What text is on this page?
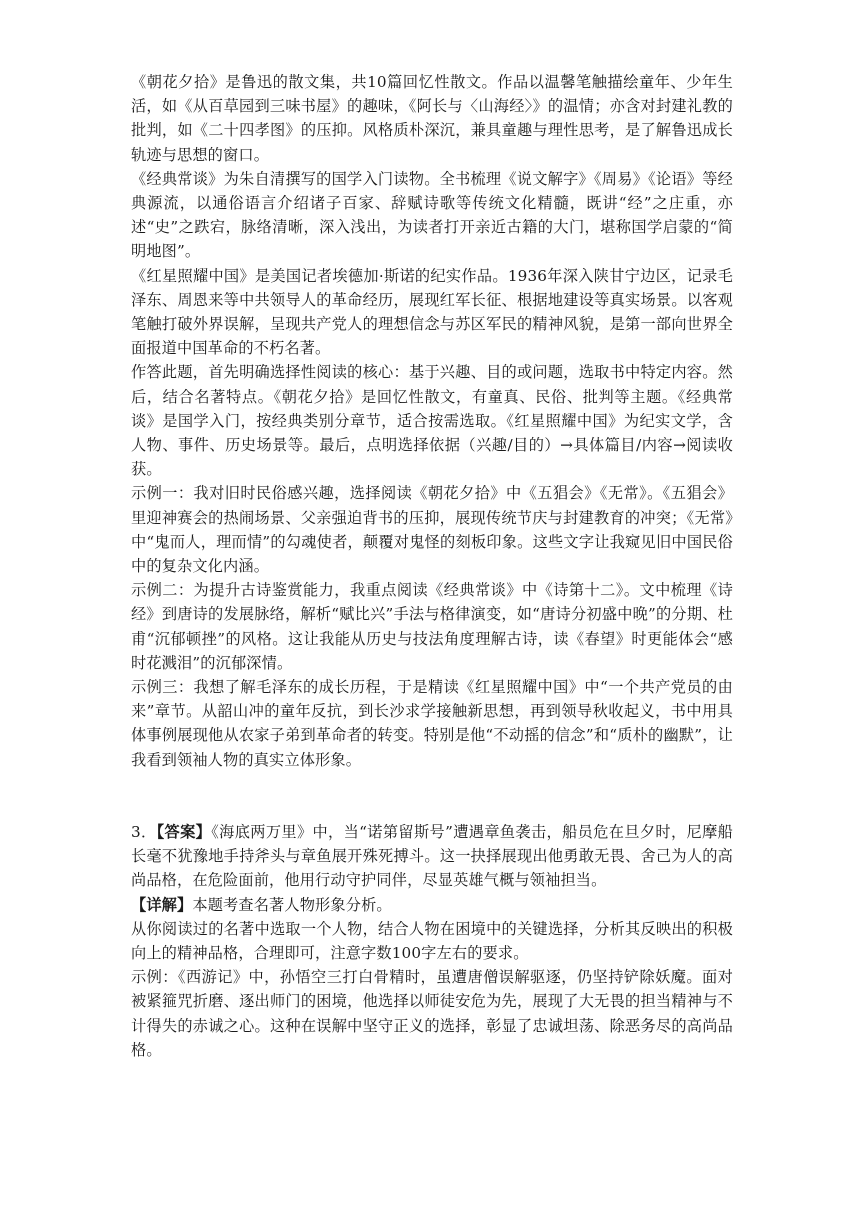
《朝花夕拾》是鲁迅的散文集，共10篇回忆性散文。作品以温馨笔触描绘童年、少年生活，如《从百草园到三味书屋》的趣味，《阿长与〈山海经〉》的温情；亦含对封建礼教的批判，如《二十四孝图》的压抑。风格质朴深沉，兼具童趣与理性思考，是了解鲁迅成长轨迹与思想的窗口。

《经典常谈》为朱自清撰写的国学入门读物。全书梳理《说文解字》《周易》《论语》等经典源流，以通俗语言介绍诸子百家、辞赋诗歌等传统文化精髓，既讲“经”之庄重，亦述“史”之跌宕，脉络清晰，深入浅出，为读者打开亲近古籍的大门，堪称国学启蒙的“简明地图”。

《红星照耀中国》是美国记者埃德加·斯诺的纪实作品。1936年深入陕甘宁边区，记录毛泽东、周恩来等中共领导人的革命经历，展现红军长征、根据地建设等真实场景。以客观笔触打破外界误解，呈现共产党人的理想信念与苏区军民的精神风貌，是第一部向世界全面报道中国革命的不朽名著。

作答此题，首先明确选择性阅读的核心：基于兴趣、目的或问题，选取书中特定内容。然后，结合名著特点。《朝花夕拾》是回忆性散文，有童真、民俗、批判等主题。《经典常谈》是国学入门，按经典类别分章节，适合按需选取。《红星照耀中国》为纪实文学，含人物、事件、历史场景等。最后，点明选择依据（兴趣/目的）→具体篇目/内容→阅读收获。

示例一：我对旧时民俗感兴趣，选择阅读《朝花夕拾》中《五猖会》《无常》。《五猖会》里迎神赛会的热闹场景、父亲强迫背书的压抑，展现传统节庆与封建教育的冲突；《无常》中“鬼而人，理而情”的勾魂使者，颠覆对鬼怪的刻板印象。这些文字让我窥见旧中国民俗中的复杂文化内涵。

示例二：为提升古诗鉴赏能力，我重点阅读《经典常谈》中《诗第十二》。文中梳理《诗经》到唐诗的发展脉络，解析“赋比兴”手法与格律演变，如“唐诗分初盛中晚”的分期、杜甫“沉郁顿挫”的风格。这让我能从历史与技法角度理解古诗，读《春望》时更能体会“感时花溅泪”的沉郁深情。

示例三：我想了解毛泽东的成长历程，于是精读《红星照耀中国》中“一个共产党员的由来”章节。从韶山冲的童年反抗，到长沙求学接触新思想，再到领导秋收起义，书中用具体事例展现他从农家子弟到革命者的转变。特别是他“不动摇的信念”和“质朴的幽默”，让我看到领袖人物的真实立体形象。

3．【答案】《海底两万里》中，当“诺第留斯号”遭遇章鱼袭击，船员危在旦夕时，尼摩船长毫不犹豫地手持斧头与章鱼展开殊死搏斗。这一抉择展现出他勇敢无畏、舍己为人的高尚品格，在危险面前，他用行动守护同伴，尽显英雄气概与领袖担当。

【详解】本题考查名著人物形象分析。

从你阅读过的名著中选取一个人物，结合人物在困境中的关键选择，分析其反映出的积极向上的精神品格，合理即可，注意字数100字左右的要求。

示例：《西游记》中，孙悟空三打白骨精时，虽遭唐僧误解驱逐，仍坚持铲除妖魔。面对被紧箍咒折磨、逐出师门的困境，他选择以师徒安危为先，展现了大无畏的担当精神与不计得失的赤诚之心。这种在误解中坚守正义的选择，彰显了忠诚坦荡、除恶务尽的高尚品格。
